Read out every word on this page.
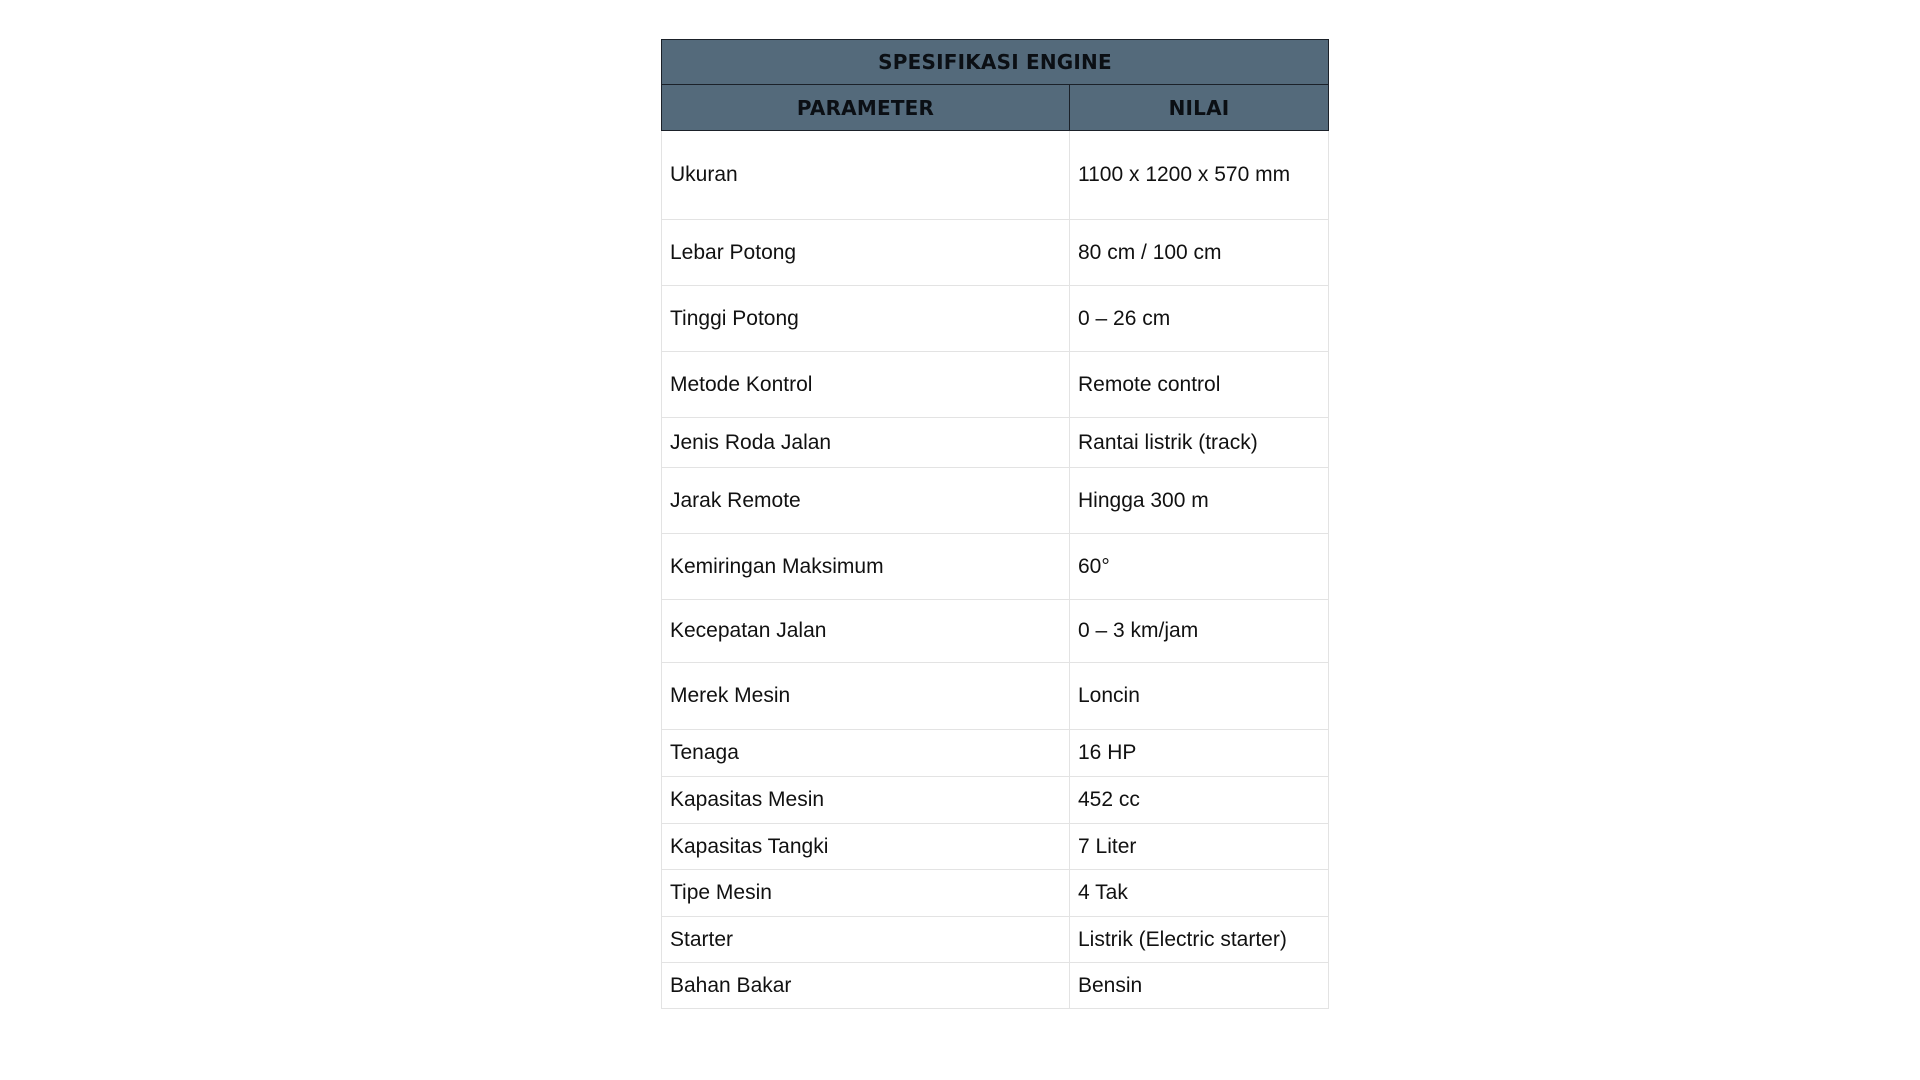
SPESIFIKASI ENGINE	
PARAMETER	NILAI
Ukuran	1100 x 1200 x 570 mm
Lebar Potong	80 cm / 100 cm
Tinggi Potong	0 – 26 cm
Metode Kontrol	Remote control
Jenis Roda Jalan	Rantai listrik (track)
Jarak Remote	Hingga 300 m
Kemiringan Maksimum	60°
Kecepatan Jalan	0 – 3 km/jam
Merek Mesin	Loncin
Tenaga	16 HP
Kapasitas Mesin	452 cc
Kapasitas Tangki	7 Liter
Tipe Mesin	4 Tak
Starter	Listrik (Electric starter)
Bahan Bakar	Bensin
